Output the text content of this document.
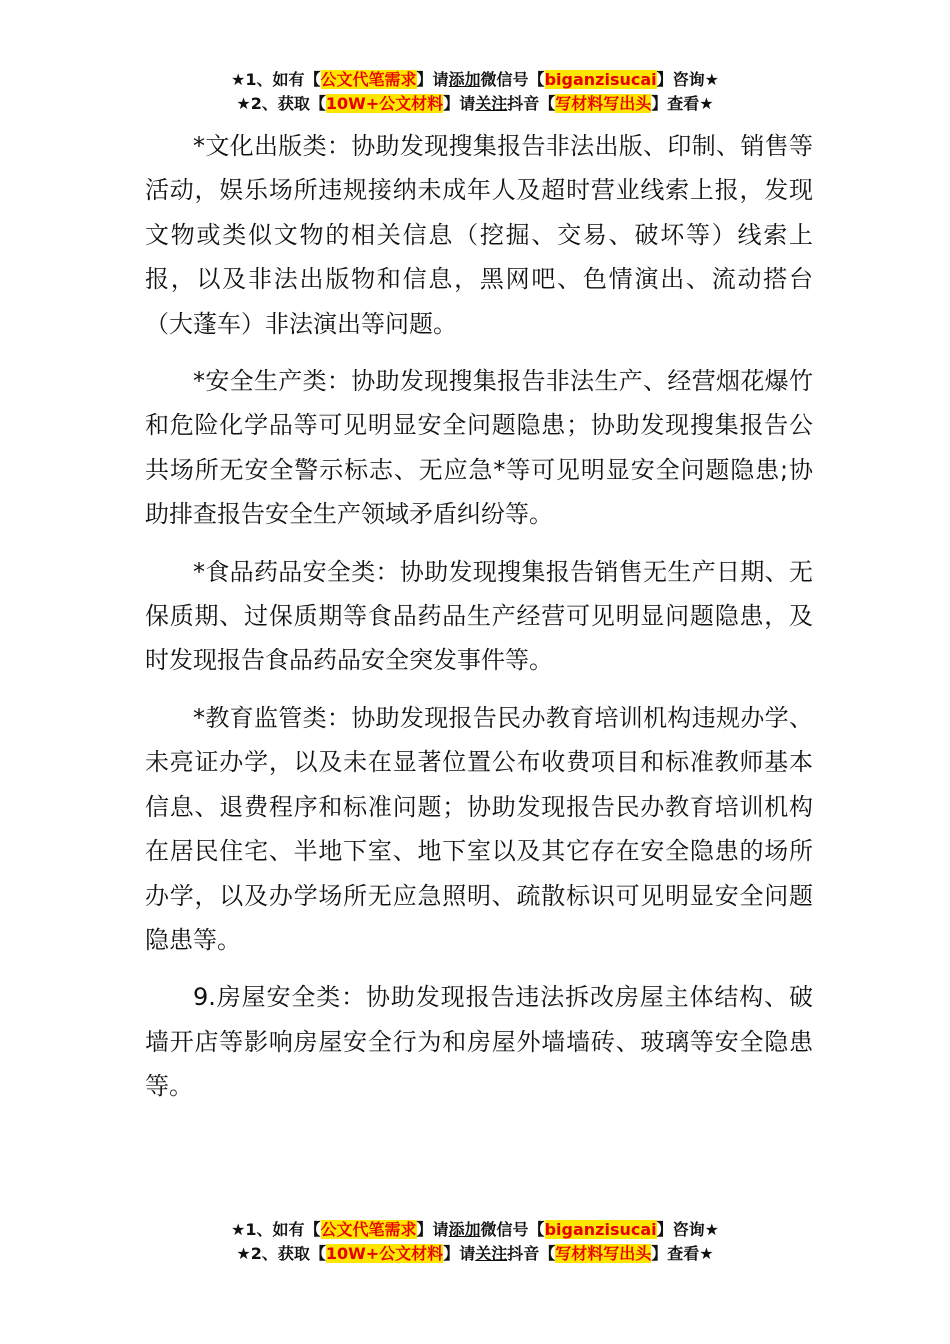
★1、如有【公文代笔需求】请添加微信号【biganzisucai】咨询★
★2、获取【10W+公文材料】请关注抖音【写材料写出头】查看★

*文化出版类：协助发现搜集报告非法出版、印制、销售等活动，娱乐场所违规接纳未成年人及超时营业线索上报，发现文物或类似文物的相关信息（挖掘、交易、破坏等）线索上报，以及非法出版物和信息，黑网吧、色情演出、流动搭台（大蓬车）非法演出等问题。

*安全生产类：协助发现搜集报告非法生产、经营烟花爆竹和危险化学品等可见明显安全问题隐患；协助发现搜集报告公共场所无安全警示标志、无应急*等可见明显安全问题隐患;协助排查报告安全生产领域矛盾纠纷等。

*食品药品安全类：协助发现搜集报告销售无生产日期、无保质期、过保质期等食品药品生产经营可见明显问题隐患，及时发现报告食品药品安全突发事件等。

*教育监管类：协助发现报告民办教育培训机构违规办学、未亮证办学，以及未在显著位置公布收费项目和标准教师基本信息、退费程序和标准问题；协助发现报告民办教育培训机构在居民住宅、半地下室、地下室以及其它存在安全隐患的场所办学，以及办学场所无应急照明、疏散标识可见明显安全问题隐患等。

9.房屋安全类：协助发现报告违法拆改房屋主体结构、破墙开店等影响房屋安全行为和房屋外墙墙砖、玻璃等安全隐患等。

★1、如有【公文代笔需求】请添加微信号【biganzisucai】咨询★
★2、获取【10W+公文材料】请关注抖音【写材料写出头】查看★
